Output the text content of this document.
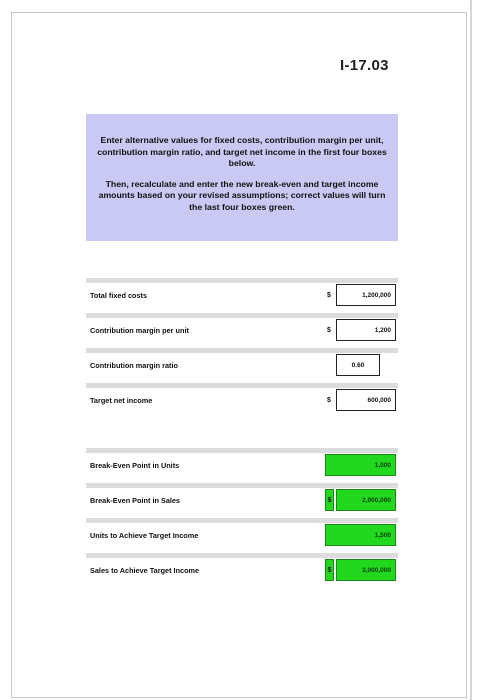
I-17.03

Enter alternative values for fixed costs, contribution margin per unit, contribution margin ratio, and target net income in the first four boxes below.

Then, recalculate and enter the new break-even and target income amounts based on your revised assumptions; correct values will turn the last four boxes green.

Total fixed costs	$	1,200,000
Contribution margin per unit	$	1,200
Contribution margin ratio	0.60
Target net income	$	600,000
Break-Even Point in Units	1,000
Break-Even Point in Sales	$	2,000,000
Units to Achieve Target Income	1,500
Sales to Achieve Target Income	$	3,000,000
